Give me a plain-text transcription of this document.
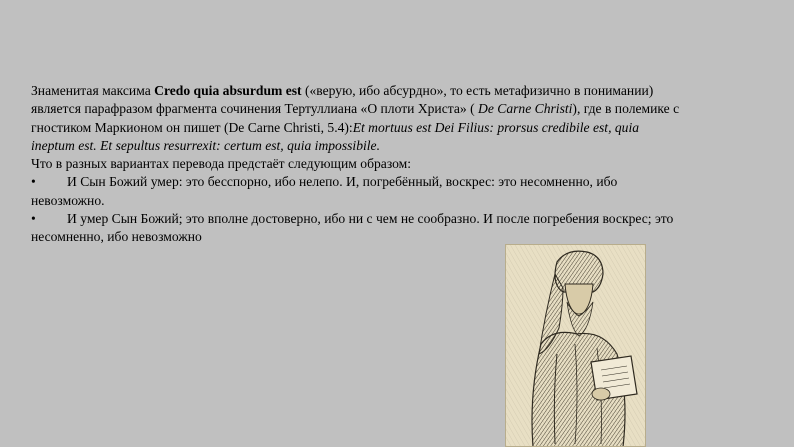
Знаменитая максима Credo quia absurdum est («верую, ибо абсурдно», то есть метафизично в понимании)
является парафразом фрагмента сочинения Тертуллиана «О плоти Христа» ( De Carne Christi), где в полемике с
гностиком Маркионом он пишет (De Carne Christi, 5.4):Et mortuus est Dei Filius: prorsus credibile est, quia
ineptum est. Et sepultus resurrexit: certum est, quia impossibile.
Что в разных вариантах перевода предстаёт следующим образом:
• И Сын Божий умер: это бесспорно, ибо нелепо. И, погребённый, воскрес: это несомненно, ибо
невозможно.
• И умер Сын Божий; это вполне достоверно, ибо ни с чем не сообразно. И после погребения воскрес; это
несомненно, ибо невозможно
